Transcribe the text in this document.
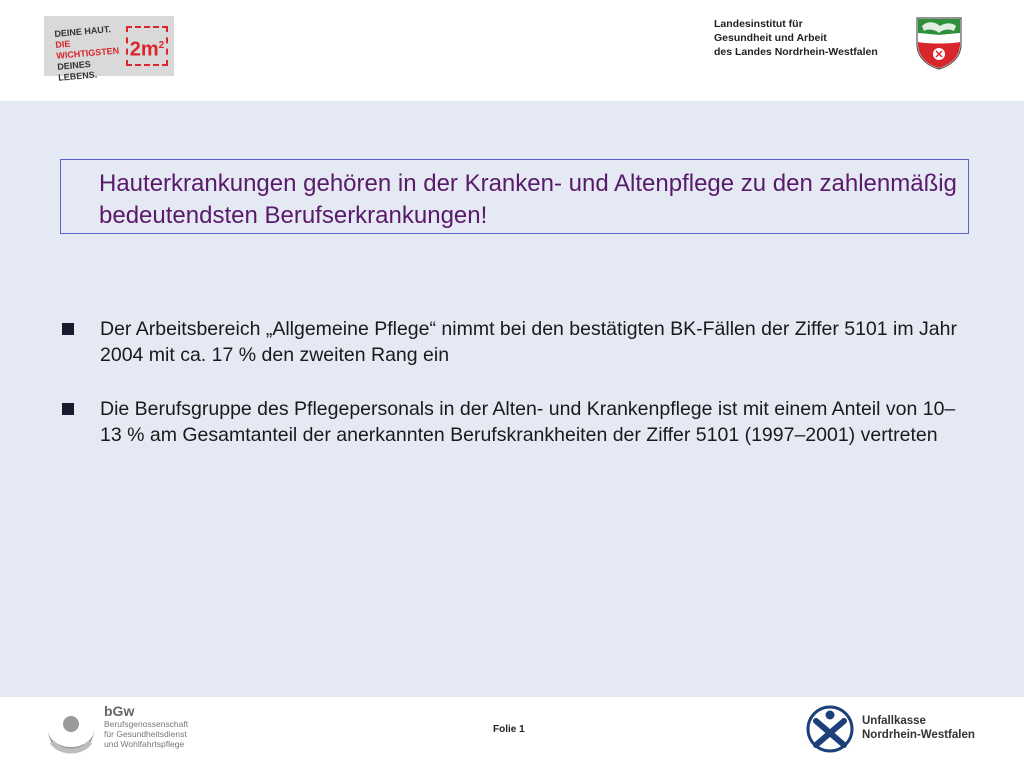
DEINE HAUT.
DIE WICHTIGSTEN
DEINES LEBENS.
$2m^2$
Landesinstitut für
Gesundheit und Arbeit
des Landes Nordrhein-Westfalen
Hauterkrankungen gehören in der Kranken- und Altenpflege zu den zahlenmäßig bedeutendsten Berufserkrankungen!
Der Arbeitsbereich „Allgemeine Pflege“ nimmt bei den bestätigten BK-Fällen der Ziffer 5101 im Jahr 2004 mit ca. 17 % den zweiten Rang ein
Die Berufsgruppe des Pflegepersonals in der Alten- und Krankenpflege ist mit einem Anteil von 10–13 % am Gesamtanteil der anerkannten Berufskrankheiten der Ziffer 5101 (1997–2001) vertreten
bGw
Berufsgenossenschaft
für Gesundheitsdienst
und Wohlfahrtspflege
Folie 1
Unfallkasse
Nordrhein-Westfalen
